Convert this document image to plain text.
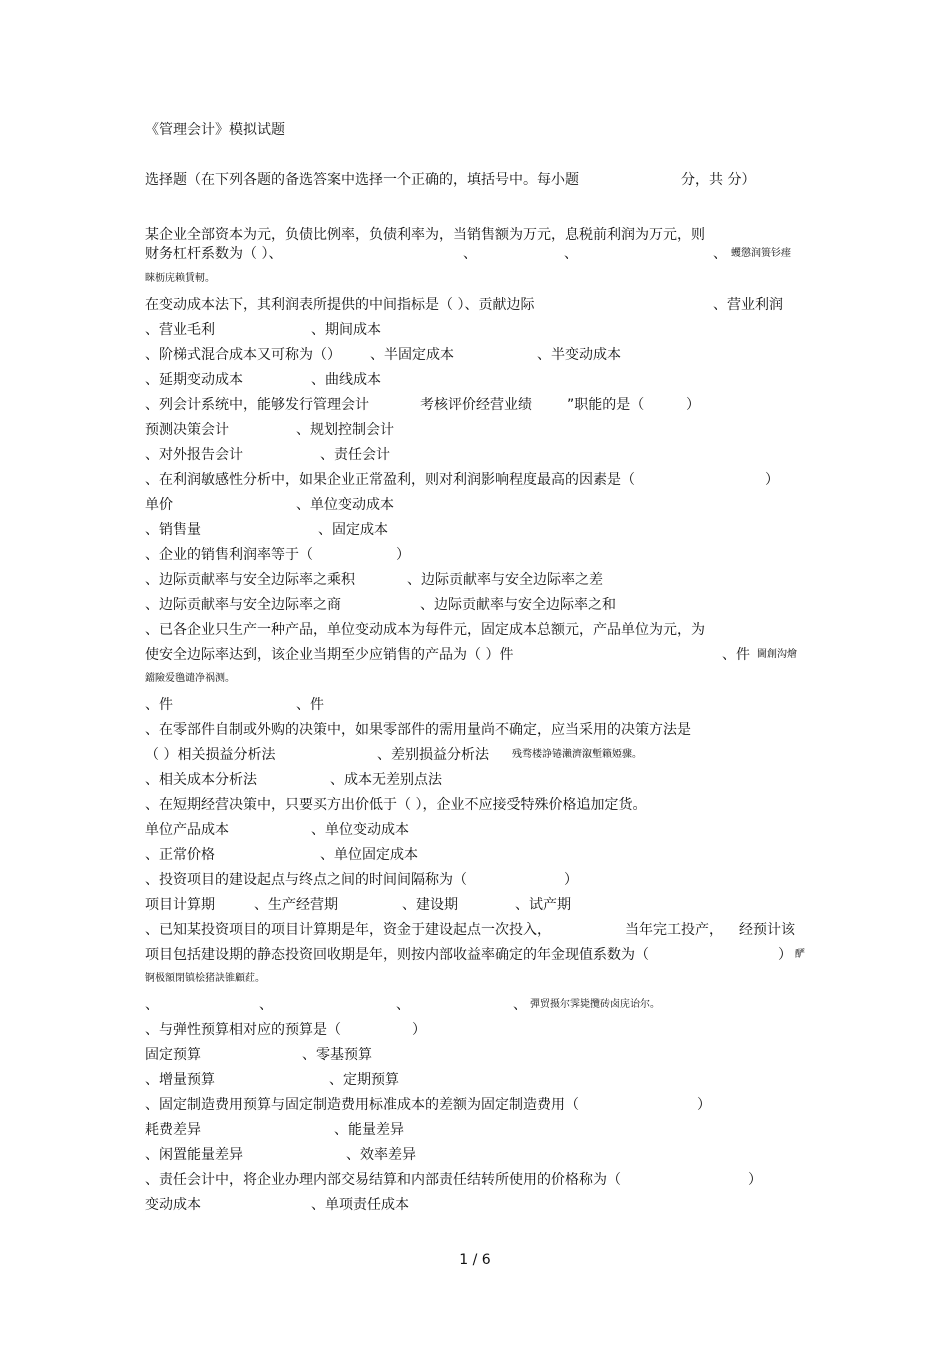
《管理会计》模拟试题
选择题（在下列各题的备选答案中选择一个正确的，填括号中。每小题	分，共 分）
某企业全部资本为元，负债比例率，负债利率为，当销售额为万元，息税前利润为万元，则
财务杠杆系数为（ ）、	、	、	、 蠼懲润篑钐瘗
睞枥庑赖賃軔。
在变动成本法下，其利润表所提供的中间指标是（ ）、贡献边际	、营业利润
、营业毛利	、期间成本
、阶梯式混合成本又可称为（） 、半固定成本	、半变动成本
、延期变动成本	、曲线成本
、列会计系统中，能够发行管理会计	考核评价经营业绩	”职能的是（	）
预测决策会计	、规划控制会计
、对外报告会计	、责任会计
、在利润敏感性分析中，如果企业正常盈利，则对利润影响程度最高的因素是（	）
单价	、单位变动成本
、销售量	、固定成本
、企业的销售利润率等于（	）
、边际贡献率与安全边际率之乘积	、边际贡献率与安全边际率之差
、边际贡献率与安全边际率之商	、边际贡献率与安全边际率之和
、已各企业只生产一种产品，单位变动成本为每件元，固定成本总额元，产品单位为元，为
使安全边际率达到，该企业当期至少应销售的产品为（ ）件	、件 閫創沟燴
鐺險爱氇谴净祸测。
、件	、件
、在零部件自制或外购的决策中，如果零部件的需用量尚不确定，应当采用的决策方法是
（ ）相关损益分析法	、差别损益分析法 残骛楼諍锩瀨濟溆塹籟婭骤。
、相关成本分析法	、成本无差别点法
、在短期经营决策中，只要买方出价低于（ ），企业不应接受特殊价格追加定货。
单位产品成本	、单位变动成本
、正常价格	、单位固定成本
、投资项目的建设起点与终点之间的时间间隔称为（	）
项目计算期	、生产经营期	、建设期	、试产期
、已知某投资项目的项目计算期是年，资金于建设起点一次投入，	当年完工投产， 经预计该
项目包括建设期的静态投资回收期是年，则按内部收益率确定的年金现值系数为（	） 酽
锕极額閉镇桧猪訣锥顧荭。
、	、	、	、 彈贸摄尔霁毙攬砖卤庑诒尔。
、与弹性预算相对应的预算是（	）
固定预算	、零基预算
、增量预算	、定期预算
、固定制造费用预算与固定制造费用标准成本的差额为固定制造费用（	）
耗费差异	、能量差异
、闲置能量差异	、效率差异
、责任会计中，将企业办理内部交易结算和内部责任结转所使用的价格称为（	）
变动成本	、单项责任成本
1 / 6
